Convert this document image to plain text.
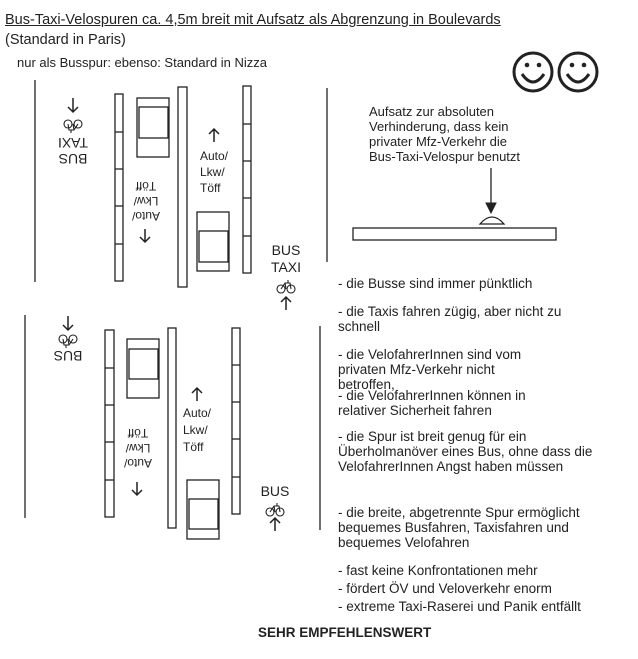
Bus-Taxi-Velospuren ca. 4,5m breit mit Aufsatz als Abgrenzung in Boulevards
(Standard in Paris)
nur als Busspur: ebenso: Standard in Nizza
BUS
TAXI
Auto/
Lkw/
Töff
Auto/
Lkw/
Töff
BUS
TAXI
BUS
Auto/
Lkw/
Töff
Auto/
Lkw/
Töff
BUS
Aufsatz zur absoluten
Verhinderung, dass kein
privater Mfz-Verkehr die
Bus-Taxi-Velospur benutzt
- die Busse sind immer pünktlich
- die Taxis fahren zügig, aber nicht zu schnell
- die VelofahrerInnen sind vom privaten Mfz-Verkehr nicht betroffen,
- die VelofahrerInnen können in relativer Sicherheit fahren
- die Spur ist breit genug für ein Überholmanöver eines Bus, ohne dass die VelofahrerInnen Angst haben müssen
- die breite, abgetrennte Spur ermöglicht bequemes Busfahren, Taxisfahren und bequemes Velofahren
- fast keine Konfrontationen mehr
- fördert ÖV und Veloverkehr enorm
- extreme Taxi-Raserei und Panik entfällt
SEHR EMPFEHLENSWERT
